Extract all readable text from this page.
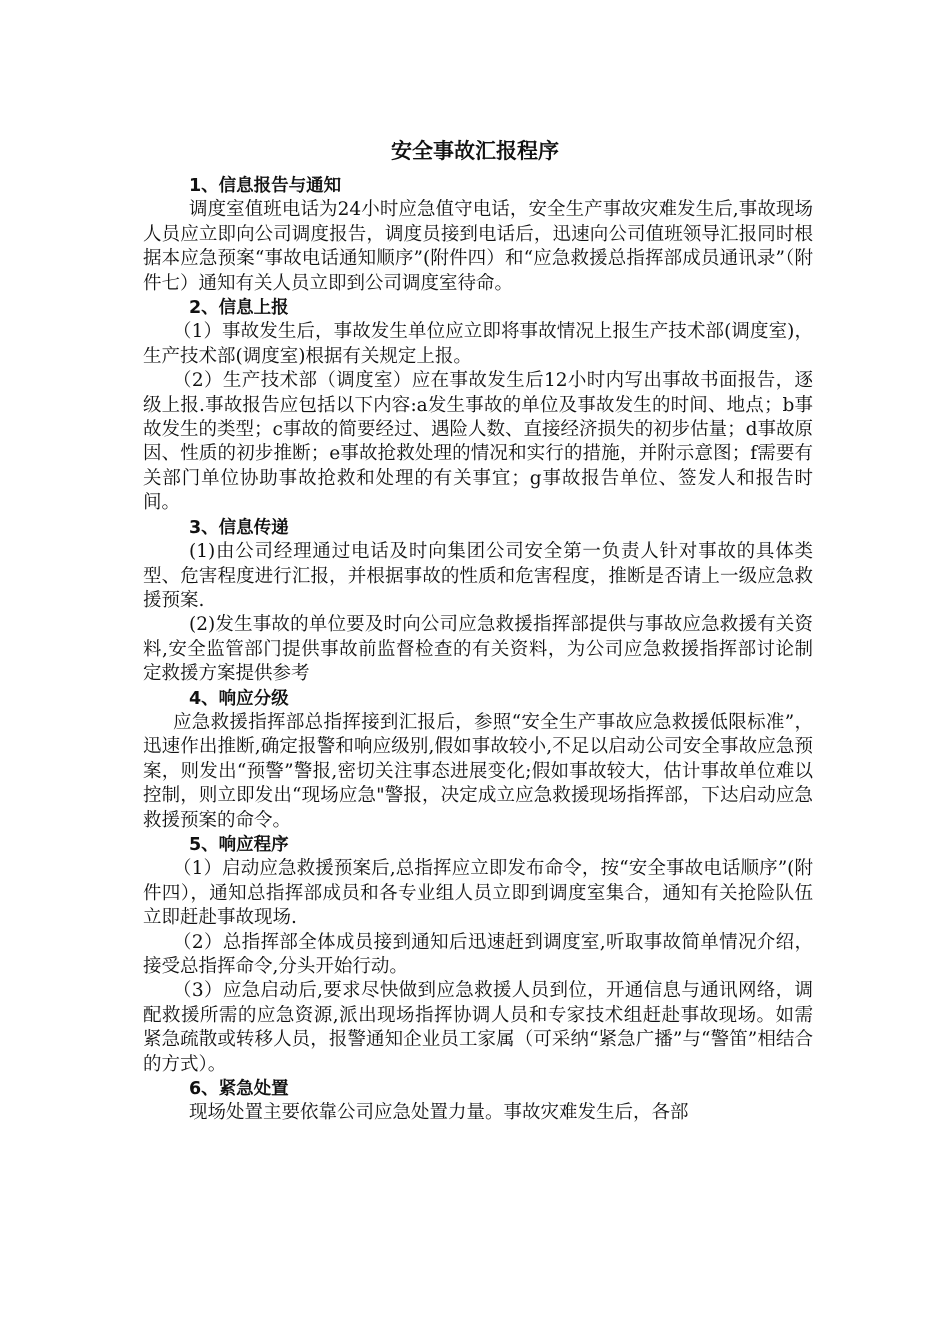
安全事故汇报程序

1、信息报告与通知

调度室值班电话为24小时应急值守电话，安全生产事故灾难发生后,事故现场人员应立即向公司调度报告，调度员接到电话后，迅速向公司值班领导汇报同时根据本应急预案“事故电话通知顺序”(附件四）和“应急救援总指挥部成员通讯录”（附件七）通知有关人员立即到公司调度室待命。

2、信息上报

（1）事故发生后，事故发生单位应立即将事故情况上报生产技术部(调度室)，生产技术部(调度室)根据有关规定上报。

（2）生产技术部（调度室）应在事故发生后12小时内写出事故书面报告，逐级上报.事故报告应包括以下内容:a发生事故的单位及事故发生的时间、地点；b事故发生的类型；c事故的简要经过、遇险人数、直接经济损失的初步估量；d事故原因、性质的初步推断；e事故抢救处理的情况和实行的措施，并附示意图；f需要有关部门单位协助事故抢救和处理的有关事宜；g事故报告单位、签发人和报告时间。

3、信息传递

(1)由公司经理通过电话及时向集团公司安全第一负责人针对事故的具体类型、危害程度进行汇报，并根据事故的性质和危害程度，推断是否请上一级应急救援预案.

(2)发生事故的单位要及时向公司应急救援指挥部提供与事故应急救援有关资料,安全监管部门提供事故前监督检查的有关资料，为公司应急救援指挥部讨论制定救援方案提供参考

4、响应分级

应急救援指挥部总指挥接到汇报后，参照“安全生产事故应急救援低限标准”，迅速作出推断,确定报警和响应级别,假如事故较小,不足以启动公司安全事故应急预案，则发出“预警”警报,密切关注事态进展变化;假如事故较大，估计事故单位难以控制，则立即发出“现场应急"警报，决定成立应急救援现场指挥部，下达启动应急救援预案的命令。

5、响应程序

（1）启动应急救援预案后,总指挥应立即发布命令，按“安全事故电话顺序”(附件四），通知总指挥部成员和各专业组人员立即到调度室集合，通知有关抢险队伍立即赶赴事故现场.

（2）总指挥部全体成员接到通知后迅速赶到调度室,听取事故简单情况介绍，接受总指挥命令,分头开始行动。

（3）应急启动后,要求尽快做到应急救援人员到位，开通信息与通讯网络，调配救援所需的应急资源,派出现场指挥协调人员和专家技术组赶赴事故现场。如需紧急疏散或转移人员，报警通知企业员工家属（可采纳“紧急广播”与“警笛”相结合的方式）。

6、紧急处置

现场处置主要依靠公司应急处置力量。事故灾难发生后，各部
